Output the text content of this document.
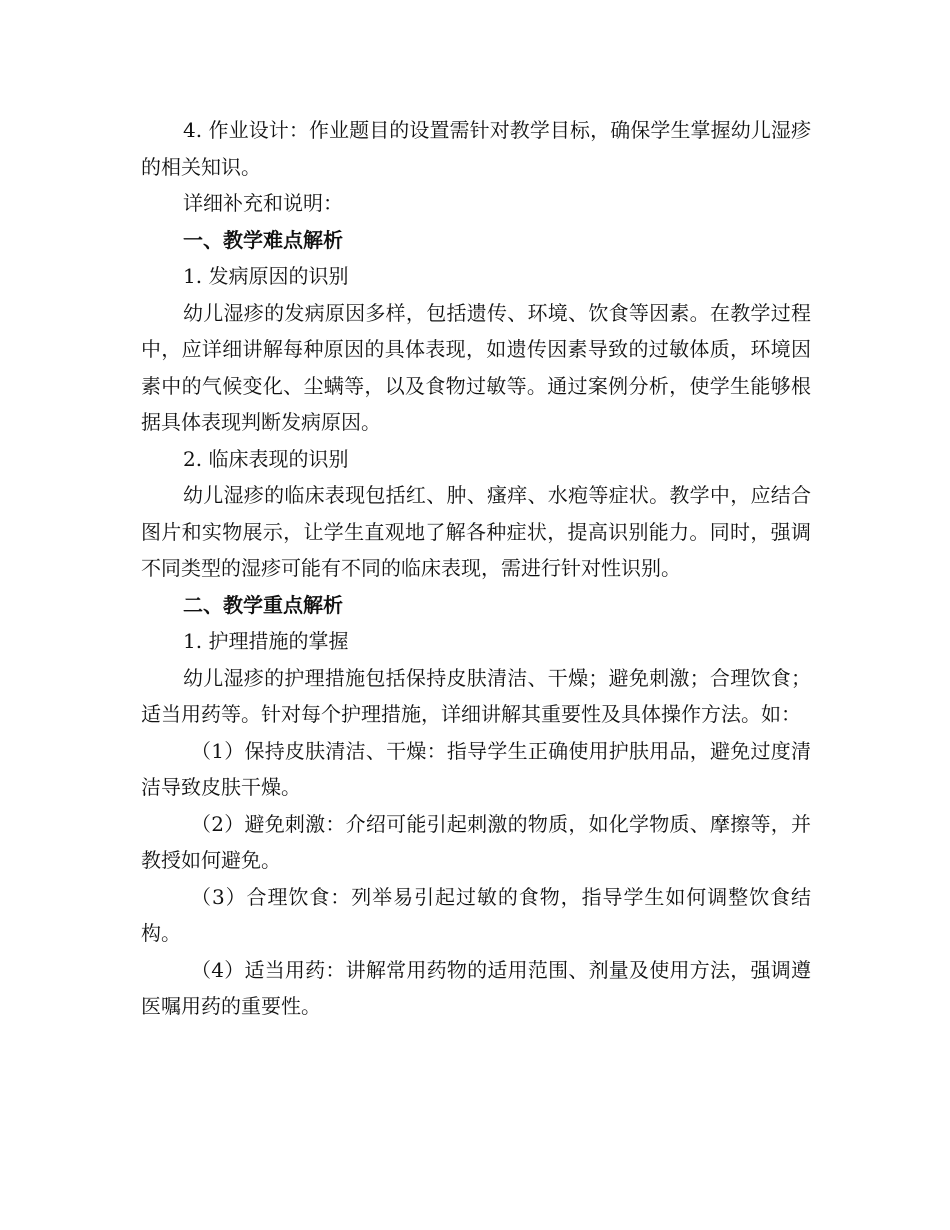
4. 作业设计：作业题目的设置需针对教学目标，确保学生掌握幼儿湿疹的相关知识。

详细补充和说明：

一、教学难点解析

1. 发病原因的识别

幼儿湿疹的发病原因多样，包括遗传、环境、饮食等因素。在教学过程中，应详细讲解每种原因的具体表现，如遗传因素导致的过敏体质，环境因素中的气候变化、尘螨等，以及食物过敏等。通过案例分析，使学生能够根据具体表现判断发病原因。

2. 临床表现的识别

幼儿湿疹的临床表现包括红、肿、瘙痒、水疱等症状。教学中，应结合图片和实物展示，让学生直观地了解各种症状，提高识别能力。同时，强调不同类型的湿疹可能有不同的临床表现，需进行针对性识别。

二、教学重点解析

1. 护理措施的掌握

幼儿湿疹的护理措施包括保持皮肤清洁、干燥；避免刺激；合理饮食；适当用药等。针对每个护理措施，详细讲解其重要性及具体操作方法。如：

（1）保持皮肤清洁、干燥：指导学生正确使用护肤用品，避免过度清洁导致皮肤干燥。

（2）避免刺激：介绍可能引起刺激的物质，如化学物质、摩擦等，并教授如何避免。

（3）合理饮食：列举易引起过敏的食物，指导学生如何调整饮食结构。

（4）适当用药：讲解常用药物的适用范围、剂量及使用方法，强调遵医嘱用药的重要性。
